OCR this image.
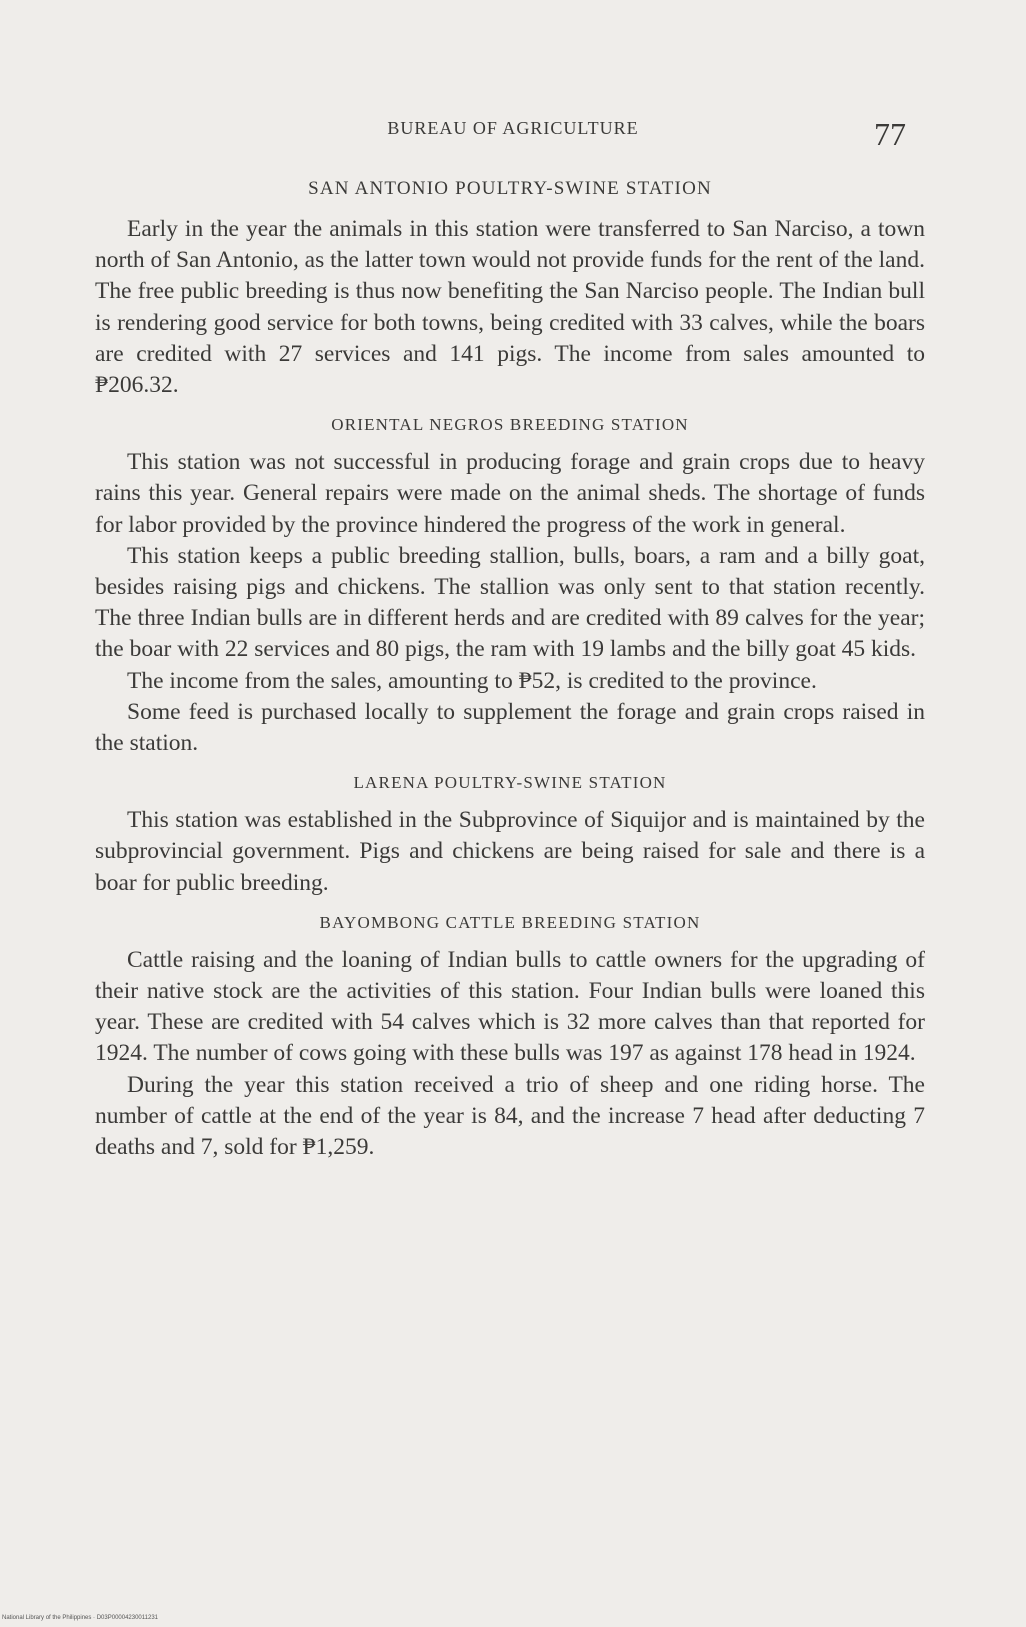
BUREAU OF AGRICULTURE	77
SAN ANTONIO POULTRY-SWINE STATION

Early in the year the animals in this station were transferred to San Narciso, a town north of San Antonio, as the latter town would not provide funds for the rent of the land. The free public breeding is thus now benefiting the San Narciso people. The Indian bull is rendering good service for both towns, being credited with 33 calves, while the boars are credited with 27 services and 141 pigs. The income from sales amounted to ₱206.32.

ORIENTAL NEGROS BREEDING STATION

This station was not successful in producing forage and grain crops due to heavy rains this year. General repairs were made on the animal sheds. The shortage of funds for labor provided by the province hindered the progress of the work in general.

This station keeps a public breeding stallion, bulls, boars, a ram and a billy goat, besides raising pigs and chickens. The stallion was only sent to that station recently. The three Indian bulls are in different herds and are credited with 89 calves for the year; the boar with 22 services and 80 pigs, the ram with 19 lambs and the billy goat 45 kids.

The income from the sales, amounting to ₱52, is credited to the province.

Some feed is purchased locally to supplement the forage and grain crops raised in the station.

LARENA POULTRY-SWINE STATION

This station was established in the Subprovince of Siquijor and is maintained by the subprovincial government. Pigs and chickens are being raised for sale and there is a boar for public breeding.

BAYOMBONG CATTLE BREEDING STATION

Cattle raising and the loaning of Indian bulls to cattle owners for the upgrading of their native stock are the activities of this station. Four Indian bulls were loaned this year. These are credited with 54 calves which is 32 more calves than that reported for 1924. The number of cows going with these bulls was 197 as against 178 head in 1924.

During the year this station received a trio of sheep and one riding horse. The number of cattle at the end of the year is 84, and the increase 7 head after deducting 7 deaths and 7, sold for ₱1,259.

National Library of the Philippines · D03P00004230011231
